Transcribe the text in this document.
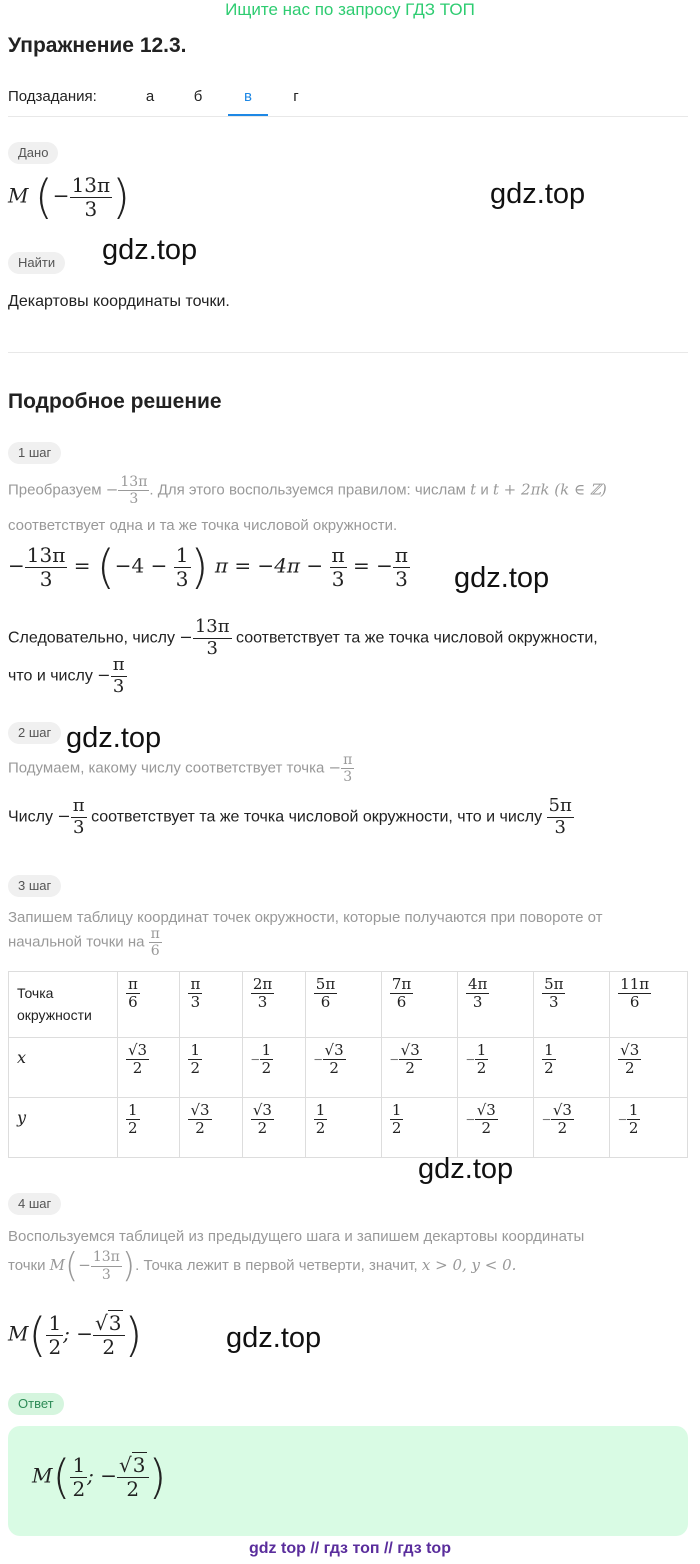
Ищите нас по запросу ГДЗ ТОП
Упражнение 12.3.
Подзадания:	а	б	в	г
Дано
M (− $\frac{13\pi}{3}$ )	gdz.top
Найти	gdz.top
Декартовы координаты точки.
Подробное решение
1 шаг
Преобразуем − $\frac{13\pi}{3}$ . Для этого воспользуемся правилом: числам t и t + 2πk (k ∈ ℤ)
соответствует одна и та же точка числовой окружности.
− $\frac{13\pi}{3} = (-4 - \frac{1}{3}$ ) $\pi = -4\pi - \frac{\pi}{3}$ = − $\frac{\pi}{3} gdz.top$
Следовательно, числу − $\frac{13\pi}{3}$ соответствует та же точка числовой окружности,
что и числу − $\frac{\pi}{3}$
2 шаг gdz.top
Подумаем, какому числу соответствует точка − $\frac{\pi}{3}$
Числу − $\frac{\pi}{3}$ соответствует та же точка числовой окружности, что и числу $\frac{5\pi}{3}$
3 шаг
Запишем таблицу координат точек окружности, которые получаются при повороте от
начальной точки на $\frac{\pi}{6}$
Точка окружности	$\frac{\pi}{6}$	$\frac{\pi}{3}$	$\frac{2\pi}{3}$	$\frac{5\pi}{6}$	$\frac{7\pi}{6}$	$\frac{4\pi}{3}$	$\frac{5\pi}{3}$	$\frac{11\pi}{6}$

x	$\frac{√3}{2}$	$\frac{1}{2}$	− $\frac{1}{2}$	− $\frac{√3}{2}$	− $\frac{√3}{2}$	− $\frac{1}{2}$	$\frac{1}{2}$	$\frac{√3}{2}$

y	$\frac{1}{2}$	$\frac{√3}{2}$	$\frac{√3}{2}$	$\frac{1}{2}$	$\frac{1}{2}$	− $\frac{√3}{2}$	− $\frac{√3}{2}$	− $\frac{1}{2}$
gdz.top
4 шаг
Воспользуемся таблицей из предыдущего шага и запишем декартовы координаты
точки $M(- \frac{13\pi}{3}$ ). Точка лежит в первой четверти, значит, x > 0, y < 0.
$M( \frac{1}{2}$ ; − $\frac{√3}{2}$ )	gdz.top
Ответ
$M( \frac{1}{2}$ ; − $\frac{√3}{2}$ )
gdz top // гдз топ // гдз top
